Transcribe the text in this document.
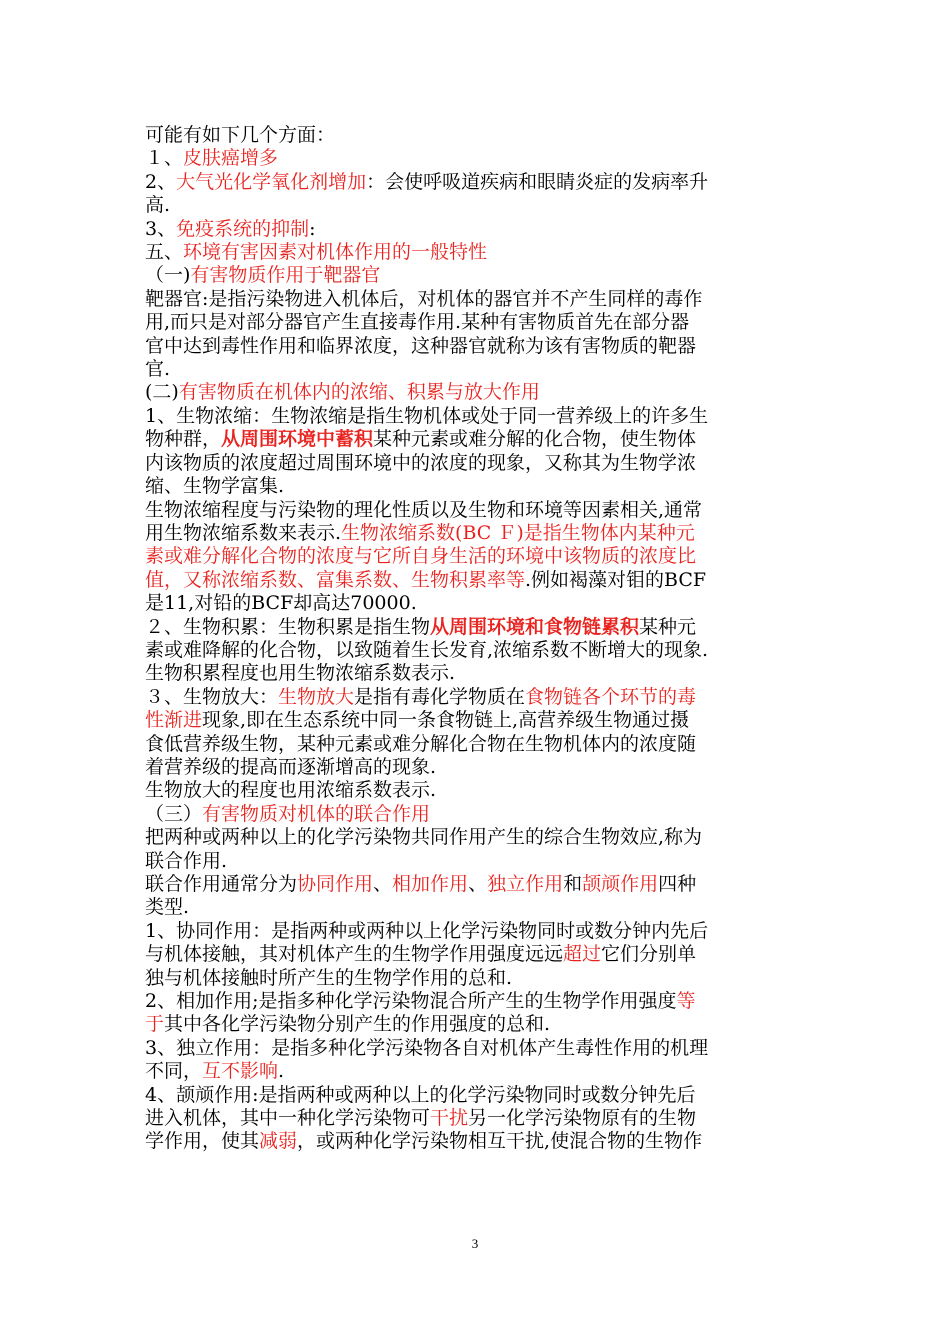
可能有如下几个方面：
１、皮肤癌增多
2、大气光化学氧化剂增加：会使呼吸道疾病和眼睛炎症的发病率升
高.
3、免疫系统的抑制:
五、环境有害因素对机体作用的一般特性
（一)有害物质作用于靶器官
靶器官:是指污染物进入机体后，对机体的器官并不产生同样的毒作
用,而只是对部分器官产生直接毒作用.某种有害物质首先在部分器
官中达到毒性作用和临界浓度，这种器官就称为该有害物质的靶器
官.
(二)有害物质在机体内的浓缩、积累与放大作用
1、生物浓缩：生物浓缩是指生物机体或处于同一营养级上的许多生
物种群，从周围环境中蓄积某种元素或难分解的化合物，使生物体
内该物质的浓度超过周围环境中的浓度的现象，又称其为生物学浓
缩、生物学富集.
生物浓缩程度与污染物的理化性质以及生物和环境等因素相关,通常
用生物浓缩系数来表示.生物浓缩系数(BC Ｆ)是指生物体内某种元
素或难分解化合物的浓度与它所自身生活的环境中该物质的浓度比
值，又称浓缩系数、富集系数、生物积累率等.例如褐藻对钼的BCF
是11,对铅的BCF却高达70000.
２、生物积累：生物积累是指生物从周围环境和食物链累积某种元
素或难降解的化合物，以致随着生长发育,浓缩系数不断增大的现象.
生物积累程度也用生物浓缩系数表示.
３、生物放大：生物放大是指有毒化学物质在食物链各个环节的毒
性渐进现象,即在生态系统中同一条食物链上,高营养级生物通过摄
食低营养级生物，某种元素或难分解化合物在生物机体内的浓度随
着营养级的提高而逐渐增高的现象.
生物放大的程度也用浓缩系数表示.
（三）有害物质对机体的联合作用
把两种或两种以上的化学污染物共同作用产生的综合生物效应,称为
联合作用.
联合作用通常分为协同作用、相加作用、独立作用和颉颃作用四种
类型.
1、协同作用：是指两种或两种以上化学污染物同时或数分钟内先后
与机体接触，其对机体产生的生物学作用强度远远超过它们分别单
独与机体接触时所产生的生物学作用的总和.
2、相加作用;是指多种化学污染物混合所产生的生物学作用强度等
于其中各化学污染物分别产生的作用强度的总和.
3、独立作用：是指多种化学污染物各自对机体产生毒性作用的机理
不同，互不影响.
4、颉颃作用:是指两种或两种以上的化学污染物同时或数分钟先后
进入机体，其中一种化学污染物可干扰另一化学污染物原有的生物
学作用，使其减弱，或两种化学污染物相互干扰,使混合物的生物作
3
